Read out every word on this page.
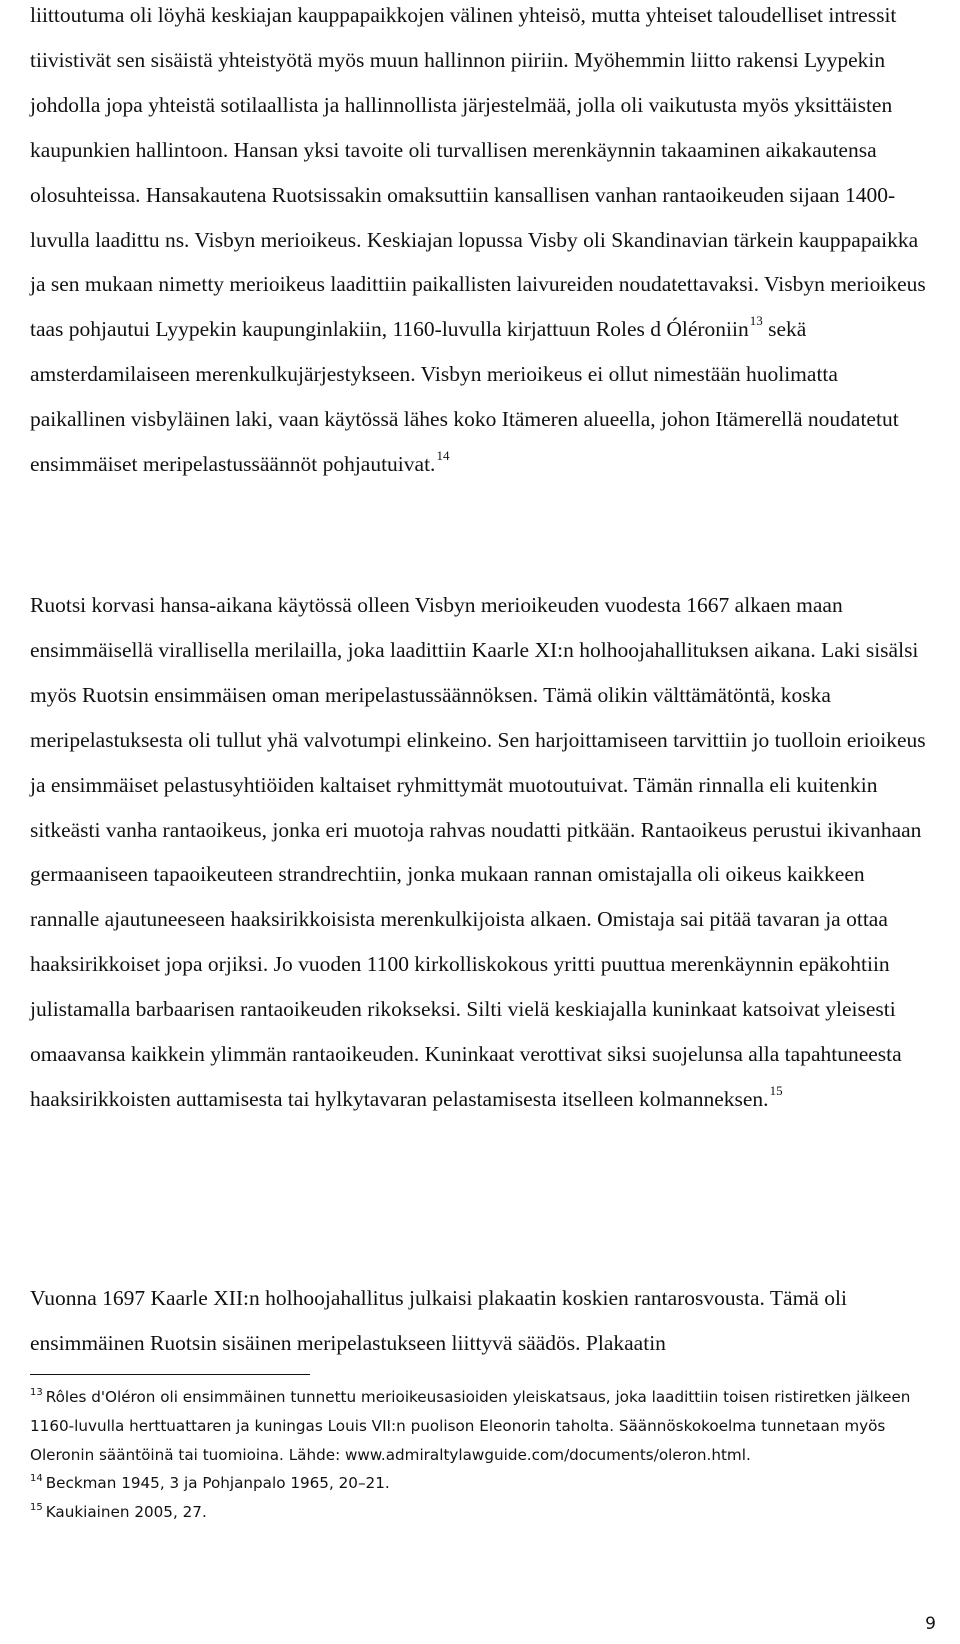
liittoutuma oli löyhä keskiajan kauppapaikkojen välinen yhteisö, mutta yhteiset taloudelliset intressit tiivistivät sen sisäistä yhteistyötä myös muun hallinnon piiriin. Myöhemmin liitto rakensi Lyypekin johdolla jopa yhteistä sotilaallista ja hallinnollista järjestelmää, jolla oli vaikutusta myös yksittäisten kaupunkien hallintoon. Hansan yksi tavoite oli turvallisen merenkäynnin takaaminen aikakautensa olosuhteissa. Hansakautena Ruotsissakin omaksuttiin kansallisen vanhan rantaoikeuden sijaan 1400-luvulla laadittu ns. Visbyn merioikeus. Keskiajan lopussa Visby oli Skandinavian tärkein kauppapaikka ja sen mukaan nimetty merioikeus laadittiin paikallisten laivureiden noudatettavaksi. Visbyn merioikeus taas pohjautui Lyypekin kaupunginlakiin, 1160-luvulla kirjattuun Roles d Óléroniin$^{13}$ sekä amsterdamilaiseen merenkulkujärjestykseen. Visbyn merioikeus ei ollut nimestään huolimatta paikallinen visbyläinen laki, vaan käytössä lähes koko Itämeren alueella, johon Itämerellä noudatetut ensimmäiset meripelastussäännöt pohjautuivat.$^{14}$

Ruotsi korvasi hansa-aikana käytössä olleen Visbyn merioikeuden vuodesta 1667 alkaen maan ensimmäisellä virallisella merilailla, joka laadittiin Kaarle XI:n holhoojahallituksen aikana. Laki sisälsi myös Ruotsin ensimmäisen oman meripelastussäännöksen. Tämä olikin välttämätöntä, koska meripelastuksesta oli tullut yhä valvotumpi elinkeino. Sen harjoittamiseen tarvittiin jo tuolloin erioikeus ja ensimmäiset pelastusyhtiöiden kaltaiset ryhmittymät muotoutuivat. Tämän rinnalla eli kuitenkin sitkeästi vanha rantaoikeus, jonka eri muotoja rahvas noudatti pitkään. Rantaoikeus perustui ikivanhaan germaaniseen tapaoikeuteen strandrechtiin, jonka mukaan rannan omistajalla oli oikeus kaikkeen rannalle ajautuneeseen haaksirikkoisista merenkulkijoista alkaen. Omistaja sai pitää tavaran ja ottaa haaksirikkoiset jopa orjiksi. Jo vuoden 1100 kirkolliskokous yritti puuttua merenkäynnin epäkohtiin julistamalla barbaarisen rantaoikeuden rikokseksi. Silti vielä keskiajalla kuninkaat katsoivat yleisesti omaavansa kaikkein ylimmän rantaoikeuden. Kuninkaat verottivat siksi suojelunsa alla tapahtuneesta haaksirikkoisten auttamisesta tai hylkytavaran pelastamisesta itselleen kolmanneksen.$^{15}$

Vuonna 1697 Kaarle XII:n holhoojahallitus julkaisi plakaatin koskien rantarosvousta. Tämä oli ensimmäinen Ruotsin sisäinen meripelastukseen liittyvä säädös. Plakaatin

$^{13}$ Rôles d'Oléron oli ensimmäinen tunnettu merioikeusasioiden yleiskatsaus, joka laadittiin toisen ristiretken jälkeen 1160-luvulla herttuattaren ja kuningas Louis VII:n puolison Eleonorin taholta. Säännöskokoelma tunnetaan myös Oleronin sääntöinä tai tuomioina. Lähde: www.admiraltylawguide.com/documents/oleron.html.

$^{14}$ Beckman 1945, 3 ja Pohjanpalo 1965, 20–21.

$^{15}$ Kaukiainen 2005, 27.

9
